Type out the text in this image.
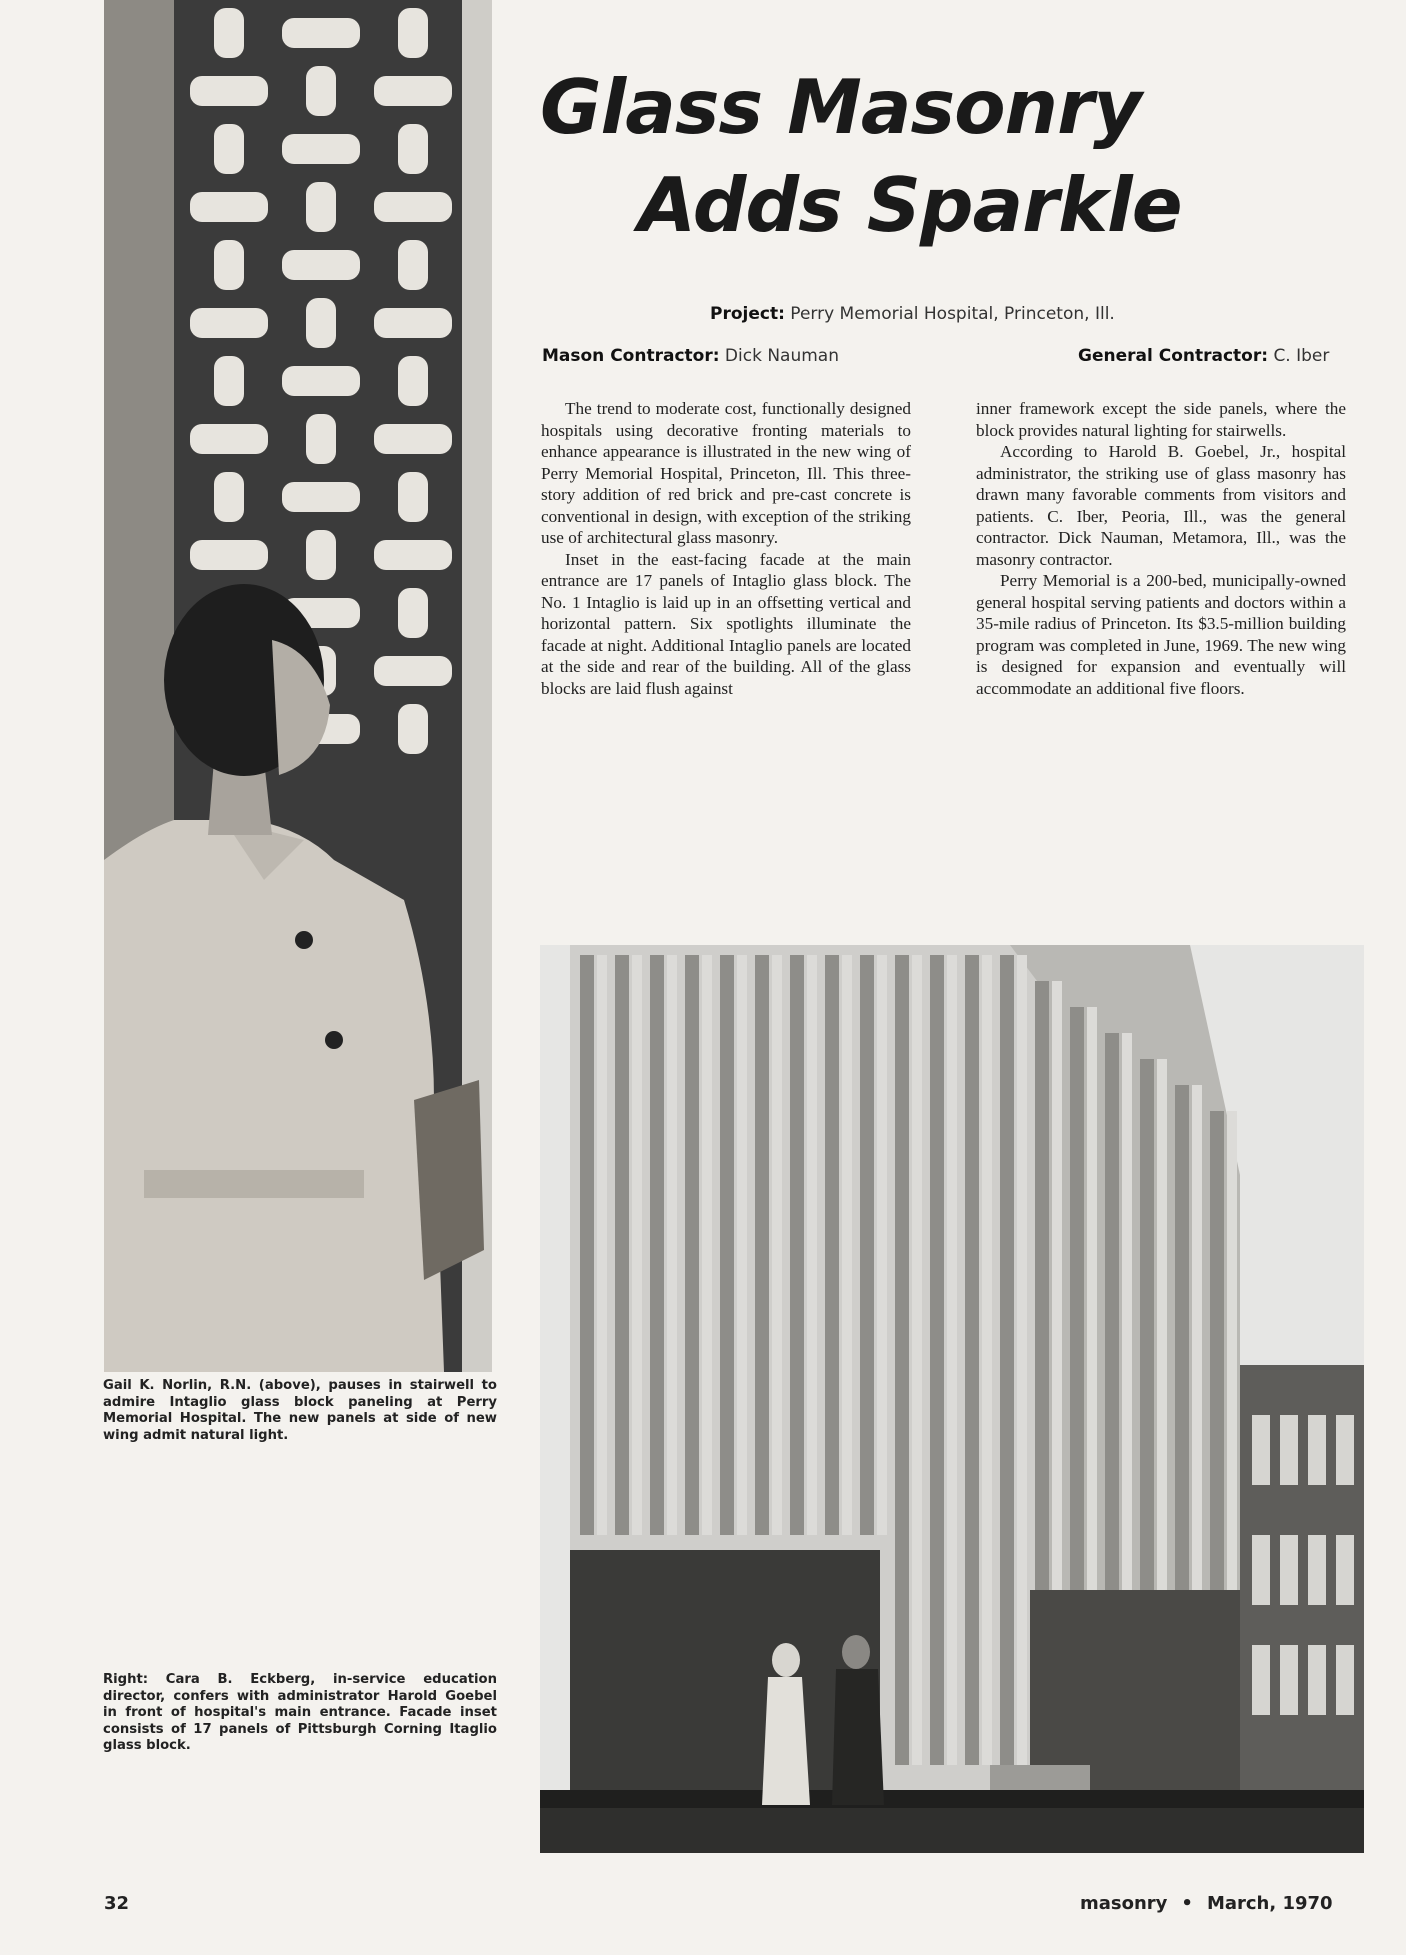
Glass Masonry
Adds Sparkle
Project: Perry Memorial Hospital, Princeton, Ill.
Mason Contractor: Dick Nauman	General Contractor: C. Iber

The trend to moderate cost, functionally designed hospitals using decorative fronting materials to enhance appearance is illustrated in the new wing of Perry Memorial Hospital, Princeton, Ill. This three-story addition of red brick and pre-cast concrete is conventional in design, with exception of the striking use of architectural glass masonry.

Inset in the east-facing facade at the main entrance are 17 panels of Intaglio glass block. The No. 1 Intaglio is laid up in an offsetting vertical and horizontal pattern. Six spotlights illuminate the facade at night. Additional Intaglio panels are located at the side and rear of the building. All of the glass blocks are laid flush against

inner framework except the side panels, where the block provides natural lighting for stairwells.

According to Harold B. Goebel, Jr., hospital administrator, the striking use of glass masonry has drawn many favorable comments from visitors and patients. C. Iber, Peoria, Ill., was the general contractor. Dick Nauman, Metamora, Ill., was the masonry contractor.

Perry Memorial is a 200-bed, municipally-owned general hospital serving patients and doctors within a 35-mile radius of Princeton. Its $3.5-million building program was completed in June, 1969. The new wing is designed for expansion and eventually will accommodate an additional five floors.

Gail K. Norlin, R.N. (above), pauses in stairwell to admire Intaglio glass block paneling at Perry Memorial Hospital. The new panels at side of new wing admit natural light.
Right: Cara B. Eckberg, in-service education director, confers with administrator Harold Goebel in front of hospital's main entrance. Facade inset consists of 17 panels of Pittsburgh Corning Itaglio glass block.
32	masonry • March, 1970
